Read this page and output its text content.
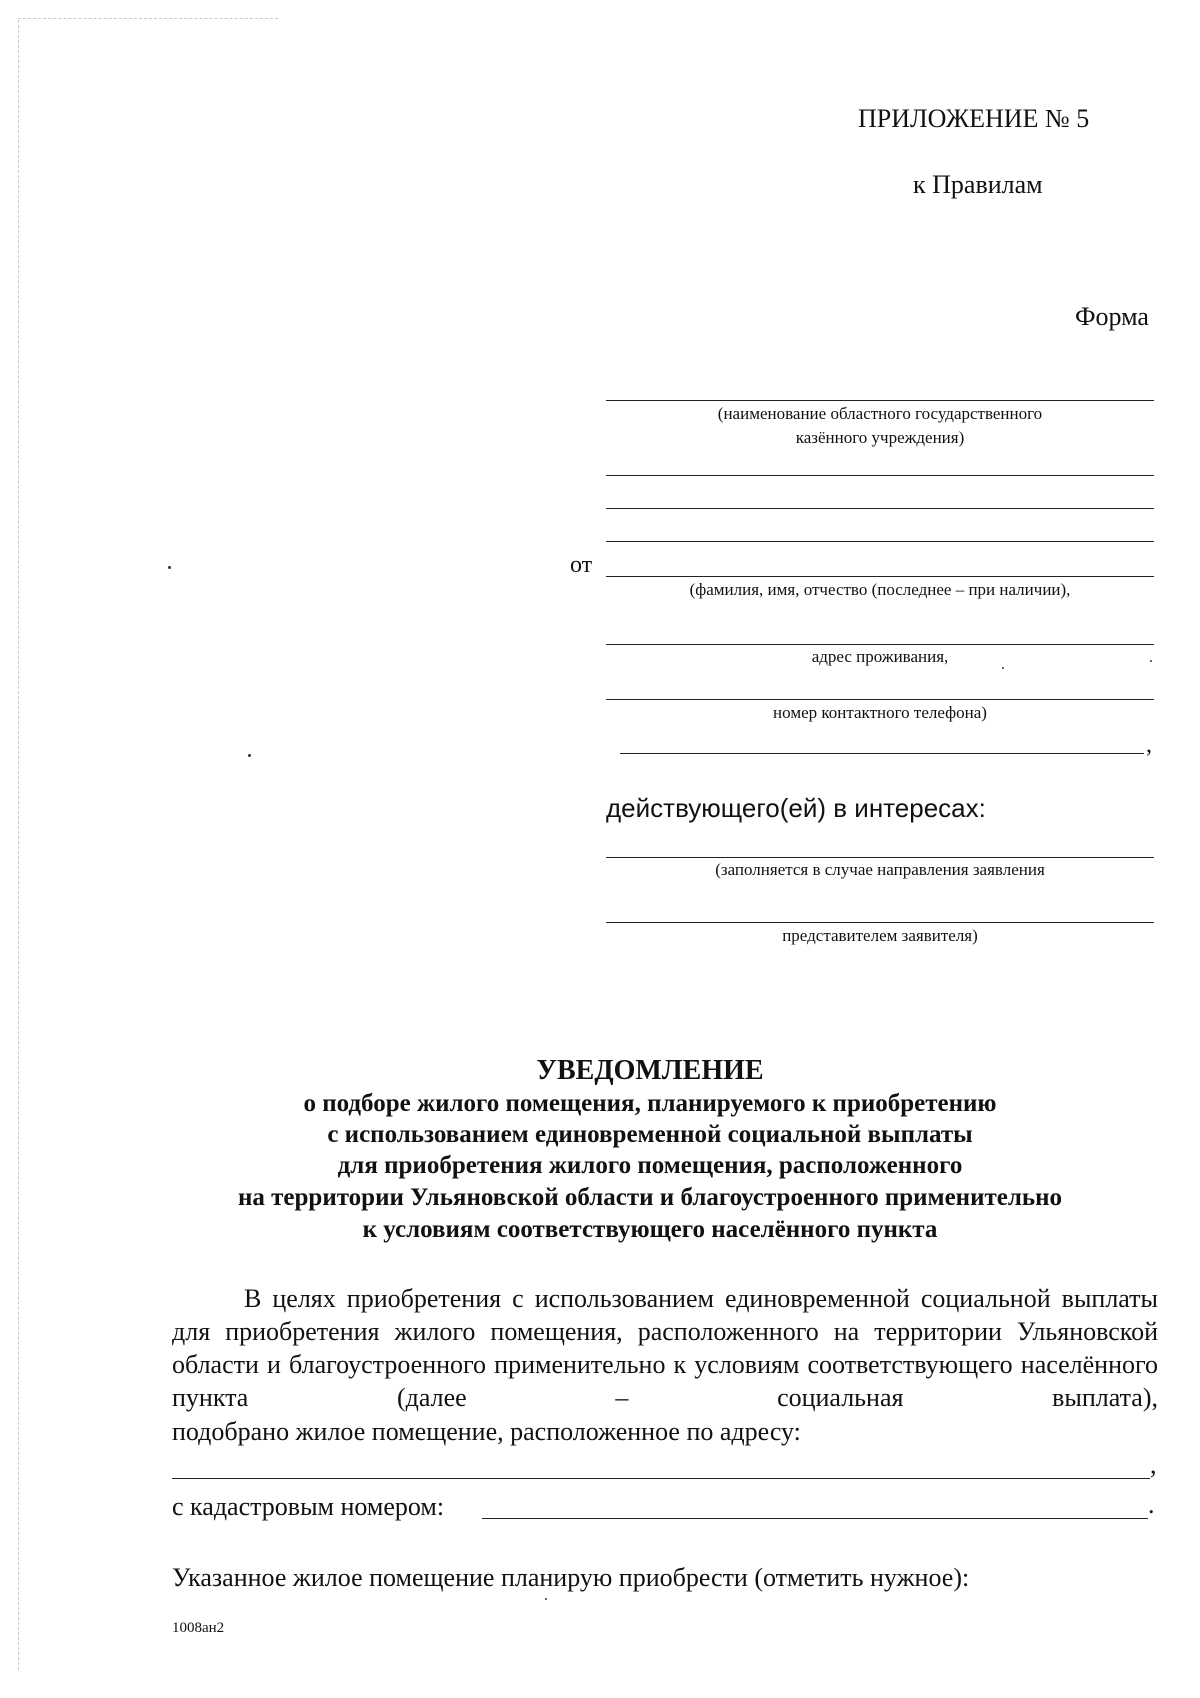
ПРИЛОЖЕНИЕ № 5
к Правилам
Форма
(наименование областного государственного
казённого учреждения)
от
(фамилия, имя, отчество (последнее – при наличии),
адрес проживания,
номер контактного телефона)
,
действующего(ей) в интересах:
(заполняется в случае направления заявления
представителем заявителя)
УВЕДОМЛЕНИЕ
о подборе жилого помещения, планируемого к приобретению
с использованием единовременной социальной выплаты
для приобретения жилого помещения, расположенного
на территории Ульяновской области и благоустроенного применительно
к условиям соответствующего населённого пункта
В целях приобретения с использованием единовременной социальной выплаты для приобретения жилого помещения, расположенного на территории Ульяновской области и благоустроенного применительно к условиям соответствующего населённого пункта (далее – социальная выплата),
подобрано жилое помещение, расположенное по адресу:
,
с кадастровым номером:	.
Указанное жилое помещение планирую приобрести (отметить нужное):
1008ан2
